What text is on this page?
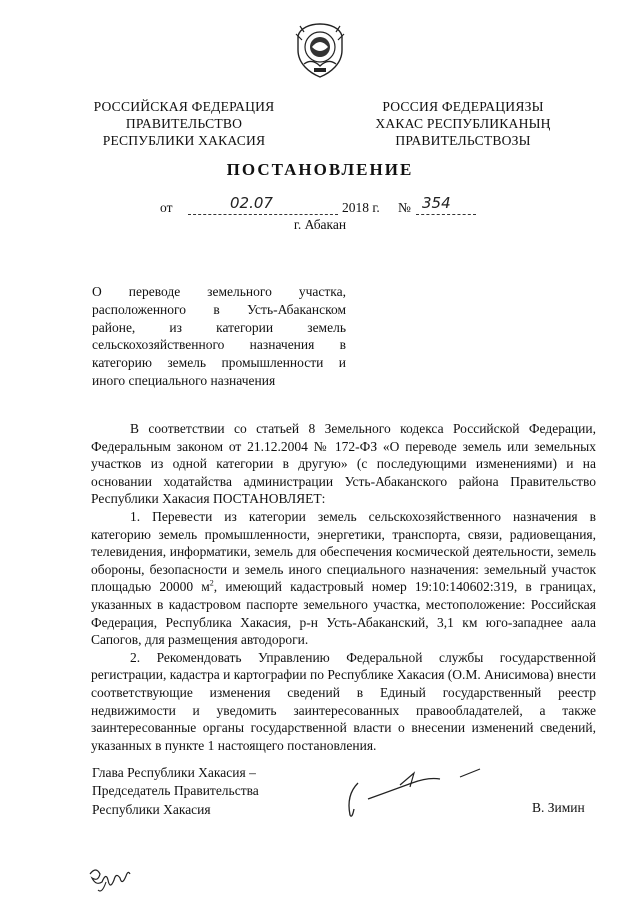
РОССИЙСКАЯ ФЕДЕРАЦИЯ
ПРАВИТЕЛЬСТВО
РЕСПУБЛИКИ ХАКАСИЯ
РОССИЯ ФЕДЕРАЦИЯЗЫ
ХАКАС РЕСПУБЛИКАНЫҢ
ПРАВИТЕЛЬСТВОЗЫ
ПОСТАНОВЛЕНИЕ
от	02.07	2018 г. № 354
г. Абакан
О переводе земельного участка,
расположенного в Усть-Абаканском
районе, из категории земель
сельскохозяйственного назначения в
категорию земель промышленности и
иного специального назначения

В соответствии со статьей 8 Земельного кодекса Российской Федерации, Федеральным законом от 21.12.2004 № 172-ФЗ «О переводе земель или земельных участков из одной категории в другую» (с последующими изменениями) и на основании ходатайства администрации Усть-Абаканского района Правительство Республики Хакасия ПОСТАНОВЛЯЕТ:

1. Перевести из категории земель сельскохозяйственного назначения в категорию земель промышленности, энергетики, транспорта, связи, радиовещания, телевидения, информатики, земель для обеспечения космической деятельности, земель обороны, безопасности и земель иного специального назначения: земельный участок площадью 20000 $м^2$, имеющий кадастровый номер 19:10:140602:319, в границах, указанных в кадастровом паспорте земельного участка, местоположение: Российская Федерация, Республика Хакасия, р-н Усть-Абаканский, 3,1 км юго-западнее аала Сапогов, для размещения автодороги.

2. Рекомендовать Управлению Федеральной службы государственной регистрации, кадастра и картографии по Республике Хакасия (О.М. Анисимова) внести соответствующие изменения сведений в Единый государственный реестр недвижимости и уведомить заинтересованных правообладателей, а также заинтересованные органы государственной власти о внесении изменений сведений, указанных в пункте 1 настоящего постановления.

Глава Республики Хакасия –
Председатель Правительства
Республики Хакасия	В. Зимин
